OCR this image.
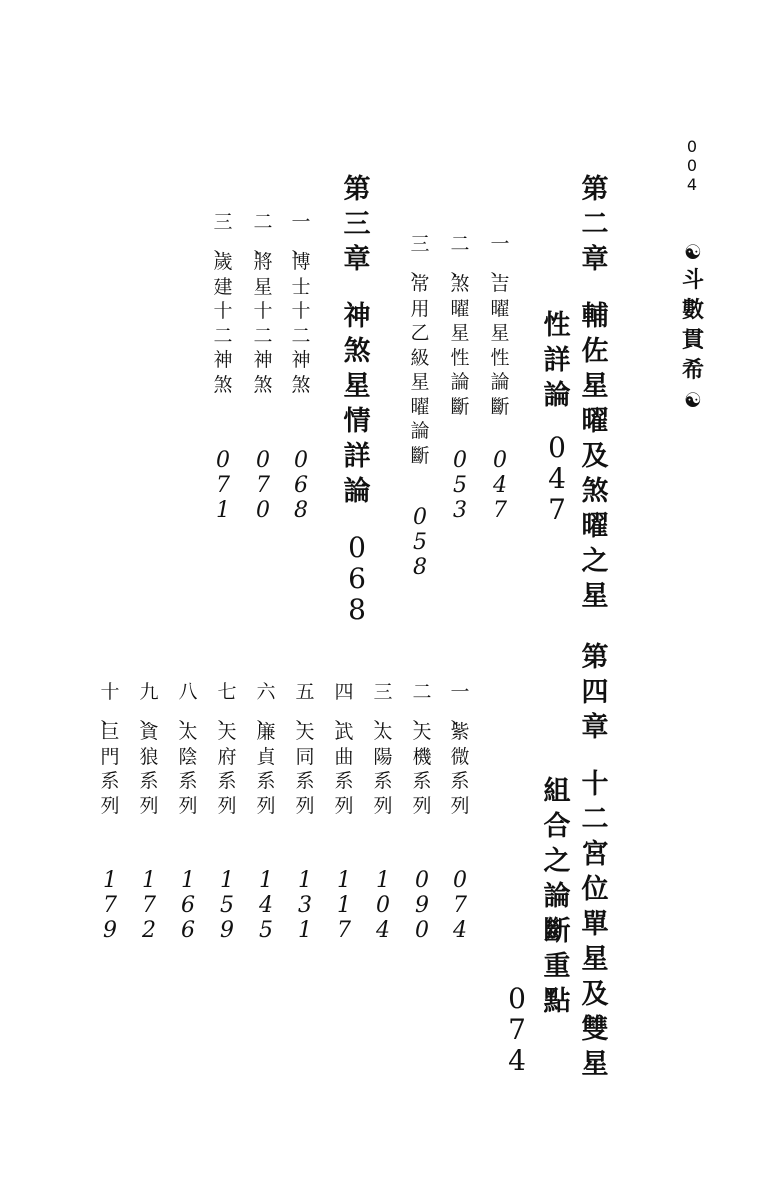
0
0
4
☯
斗
數
貫
希
☯
第
二
章
輔
佐
星
曜
及
煞
曜
之
星
性
詳
論
0
4
7
一
、
吉
曜
星
性
論
斷
0
4
7
二
、
煞
曜
星
性
論
斷
0
5
3
三
、
常
用
乙
級
星
曜
論
斷
0
5
8
第
三
章
神
煞
星
情
詳
論
0
6
8
一
、
博
士
十
二
神
煞
0
6
8
二
、
將
星
十
二
神
煞
0
7
0
三
、
歲
建
十
二
神
煞
0
7
1
第
四
章
十
二
宮
位
單
星
及
雙
星
組
合
之
論
斷
重
點
0
7
4
一
、
紫
微
系
列
0
7
4
二
、
天
機
系
列
0
9
0
三
、
太
陽
系
列
1
0
4
四
、
武
曲
系
列
1
1
7
五
、
天
同
系
列
1
3
1
六
、
廉
貞
系
列
1
4
5
七
、
天
府
系
列
1
5
9
八
、
太
陰
系
列
1
6
6
九
、
貪
狼
系
列
1
7
2
十
、
巨
門
系
列
1
7
9
